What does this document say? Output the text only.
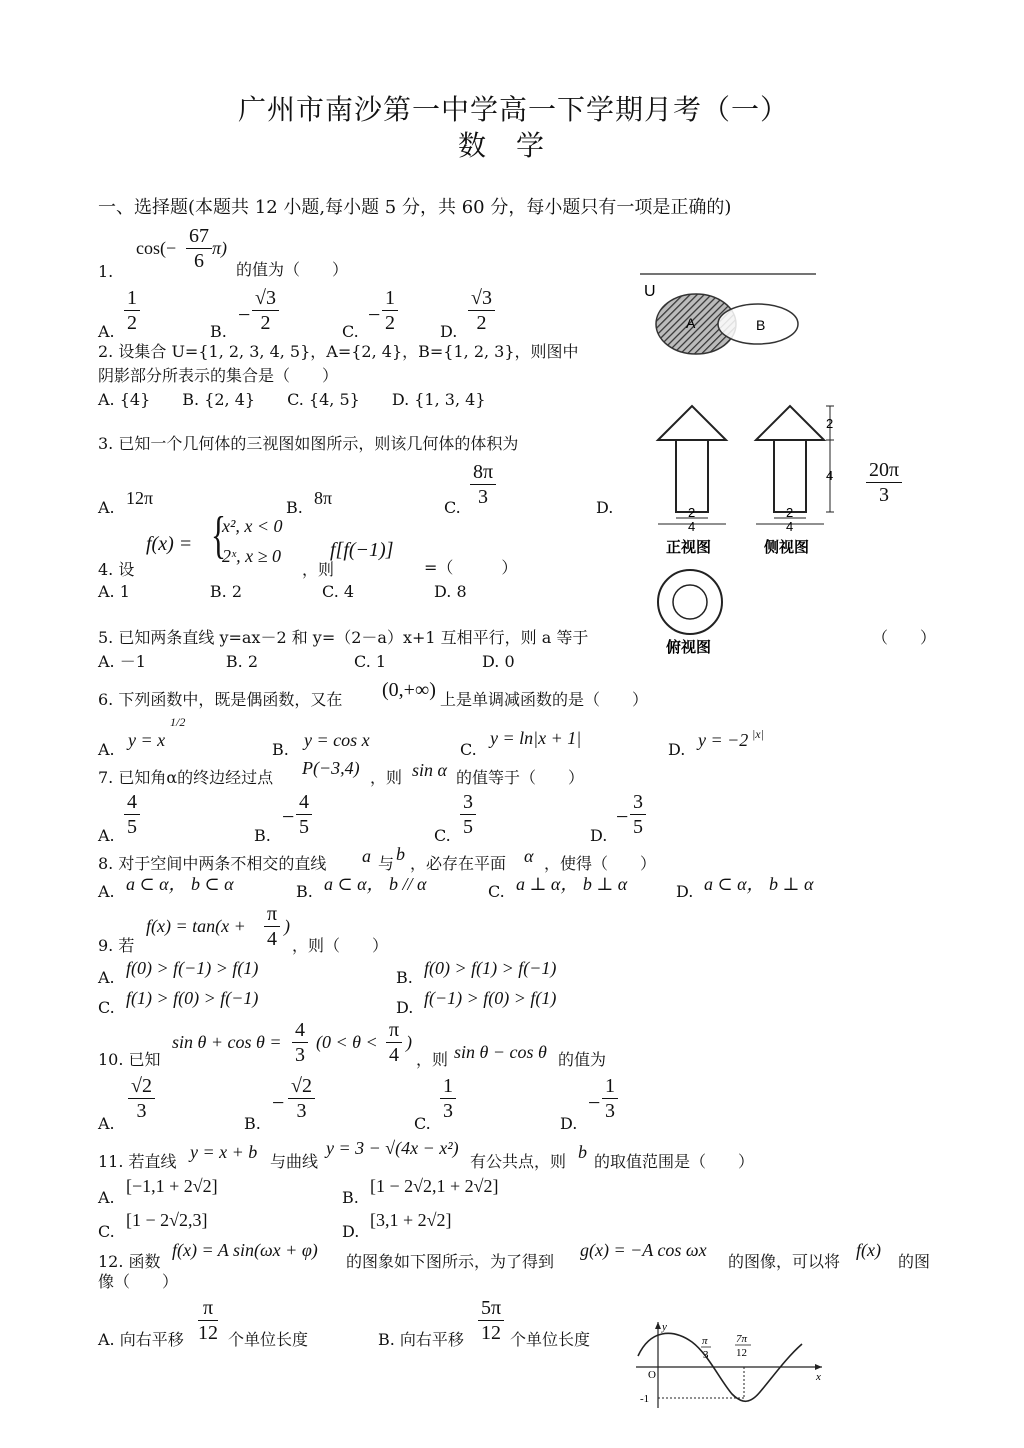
广州市南沙第一中学高一下学期月考（一）
数　学
一、选择题(本题共 12 小题,每小题 5 分，共 60 分，每小题只有一项是正确的)
$\cos(- \frac{67}{6} \pi)$
1.	的值为（　　）
A. $\frac{1}{2}$	B.
− $\frac{√3}{2}$	C.
− $\frac{1}{2}$	D. $\frac{√3}{2}$	U
A	B
2. 设集合 U={1, 2, 3, 4, 5}，A={2, 4}，B={1, 2, 3}，则图中
阴影部分所表示的集合是（　　）
A. {4}　　B. {2, 4}　　C. {4, 5}　　D. {1, 3, 4}
2
4
正视图
2
4
侧视图
2
4
俯视图
3. 已知一个几何体的三视图如图所示，则该几何体的体积为
A. 12π	B. 8π	C. $\frac{8\pi}{3}$	D.
$\frac{20\pi}{3}$
4. 设
f(x) = {
x², x < 0
2ˣ, x ≥ 0
，则
f[f(−1)]
=（　　　）
A. 1　　　　　B. 2　　　　　C. 4　　　　　D. 8
5. 已知两条直线 y=ax－2 和 y=（2－a）x+1 互相平行，则 a 等于	（　　）
A. －1　　　　　B. 2　　　　　　C. 1　　　　　　D. 0
6. 下列函数中，既是偶函数，又在 (0,+∞) 上是单调减函数的是（　　）
A. y = x
1/2
B. y = cos x	C.
y = ln|x + 1|
D. y = −2 |x|
7. 已知角α的终边经过点 P(−3,4) ，则 sin α 的值等于（　　）
A. $\frac{4}{5}$	B.
− $\frac{4}{5}$	C. $\frac{3}{5}$	D.
− $\frac{3}{5}$
8. 对于空间中两条不相交的直线 a 与 b ，必存在平面 α ，使得（　　）
A. a ⊂ α， b ⊂ α	B. a ⊂ α， b // α	C. a ⊥ α， b ⊥ α	D. a ⊂ α， b ⊥ α
9. 若
$f(x) = \tan(x + \frac{\pi}{4}$ )
，则（　　）
A. f(0) > f(−1) > f(1)	B. f(0) > f(1) > f(−1)
C. f(1) > f(0) > f(−1)	D. f(−1) > f(0) > f(1)
10. 已知
$\sin \theta + \cos \theta = \frac{4}{3} (0 < \theta < \frac{\pi}{4}$ )
，则 sin θ − cos θ 的值为
A.
$\frac{√2}{3}$
B.
− $\frac{√2}{3}$
C.
$\frac{1}{3}$
D.
− $\frac{1}{3}$
11. 若直线 y = x + b 与曲线
y = 3 − √(4x − x²)
有公共点，则 b 的取值范围是（　　）
A.
[−1,1 + 2√2]
B.
[1 − 2√2,1 + 2√2]
C.
[1 − 2√2,3]
D.
[3,1 + 2√2]
12. 函数
f(x) = A sin(ωx + φ)
的图象如下图所示，为了得到
g(x) = −A cos ωx
的图像，可以将
f(x)
的图
像（　　）
A. 向右平移 $\frac{\pi}{12}$ 个单位长度	B. 向右平移 $\frac{5\pi}{12}$ 个单位长度
y
x
O
π
3
7π
12
-1
